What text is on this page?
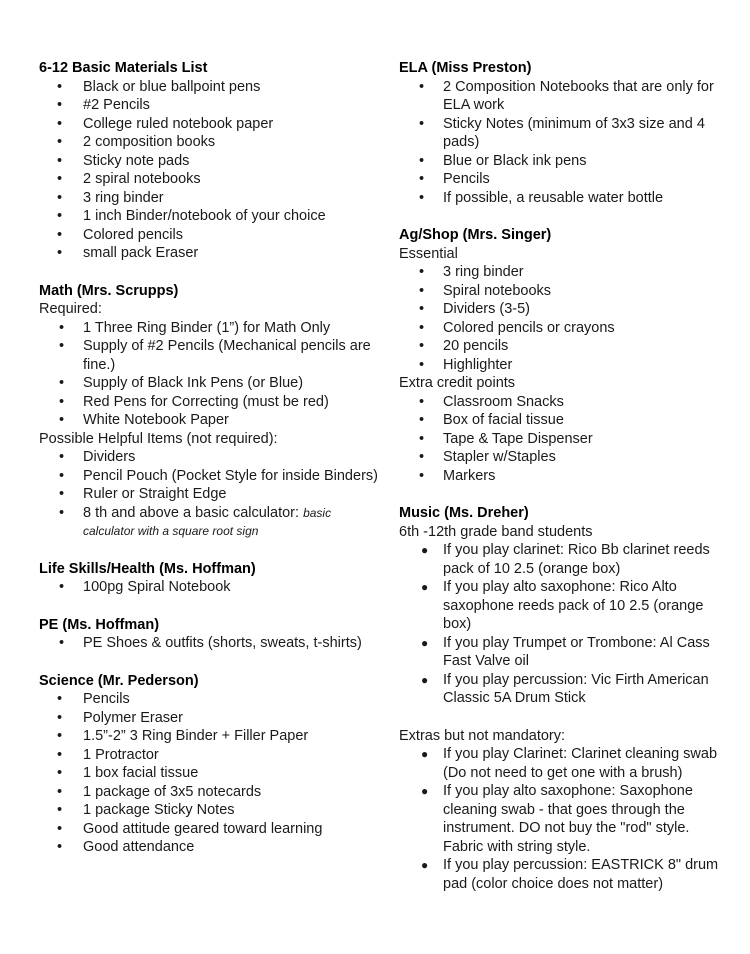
6-12 Basic Materials List

• Black or blue ballpoint pens
• #2 Pencils
• College ruled notebook paper
• 2 composition books
• Sticky note pads
• 2 spiral notebooks
• 3 ring binder
• 1 inch Binder/notebook of your choice
• Colored pencils
• small pack Eraser

Math (Mrs. Scrupps)

Required:

• 1 Three Ring Binder (1”) for Math Only
• Supply of #2 Pencils (Mechanical pencils are fine.)
• Supply of Black Ink Pens (or Blue)
• Red Pens for Correcting (must be red)
• White Notebook Paper

Possible Helpful Items (not required):

• Dividers
• Pencil Pouch (Pocket Style for inside Binders)
• Ruler or Straight Edge
• 8 th and above a basic calculator: basic calculator with a square root sign

Life Skills/Health (Ms. Hoffman)

• 100pg Spiral Notebook

PE (Ms. Hoffman)

• PE Shoes & outfits (shorts, sweats, t-shirts)

Science (Mr. Pederson)

• Pencils
• Polymer Eraser
• 1.5”-2” 3 Ring Binder + Filler Paper
• 1 Protractor
• 1 box facial tissue
• 1 package of 3x5 notecards
• 1 package Sticky Notes
• Good attitude geared toward learning
• Good attendance

ELA (Miss Preston)

• 2 Composition Notebooks that are only for ELA work
• Sticky Notes (minimum of 3x3 size and 4 pads)
• Blue or Black ink pens
• Pencils
• If possible, a reusable water bottle

Ag/Shop (Mrs. Singer)

Essential

• 3 ring binder
• Spiral notebooks
• Dividers (3-5)
• Colored pencils or crayons
• 20 pencils
• Highlighter

Extra credit points

• Classroom Snacks
• Box of facial tissue
• Tape & Tape Dispenser
• Stapler w/Staples
• Markers

Music (Ms. Dreher)

6th -12th grade band students

● If you play clarinet: Rico Bb clarinet reeds pack of 10 2.5 (orange box)
● If you play alto saxophone: Rico Alto saxophone reeds pack of 10 2.5 (orange box)
● If you play Trumpet or Trombone: Al Cass Fast Valve oil
● If you play percussion: Vic Firth American Classic 5A Drum Stick

Extras but not mandatory:

● If you play Clarinet: Clarinet cleaning swab (Do not need to get one with a brush)
● If you play alto saxophone: Saxophone cleaning swab - that goes through the instrument. DO not buy the "rod" style. Fabric with string style.
● If you play percussion: EASTRICK 8" drum pad (color choice does not matter)
